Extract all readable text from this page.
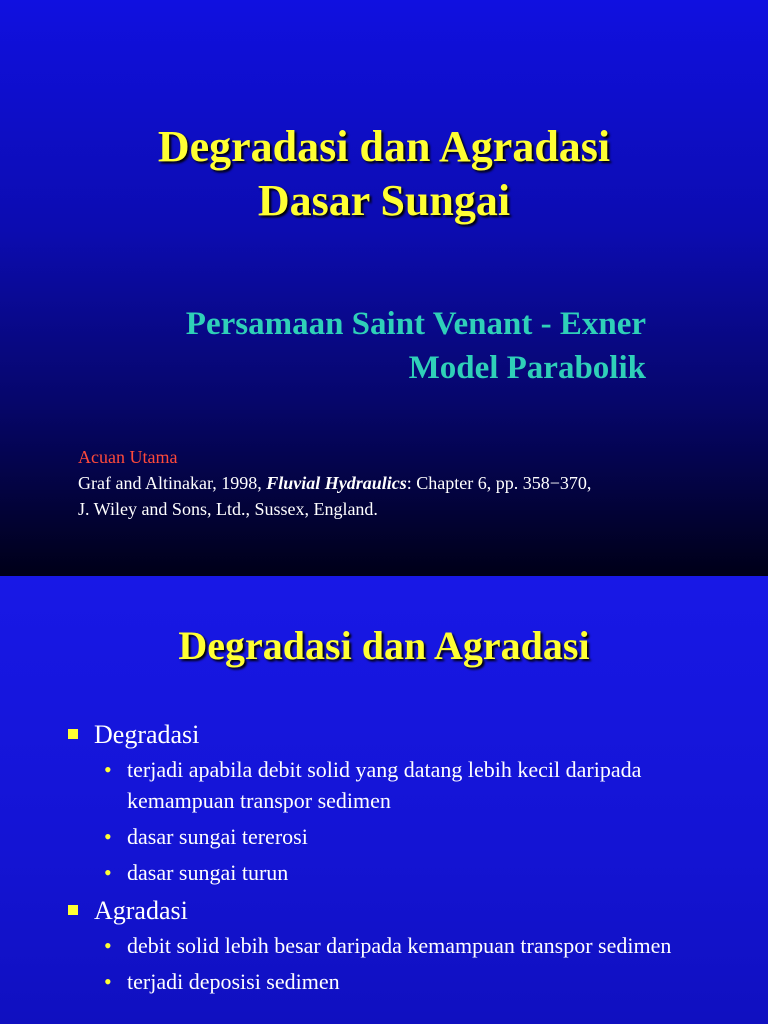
Degradasi dan Agradasi
Dasar Sungai
Persamaan Saint Venant - Exner
Model Parabolik
Acuan Utama
Graf and Altinakar, 1998, Fluvial Hydraulics: Chapter 6, pp. 358−370,
J. Wiley and Sons, Ltd., Sussex, England.
Degradasi dan Agradasi
Degradasi
• terjadi apabila debit solid yang datang lebih kecil daripada kemampuan transpor sedimen
• dasar sungai tererosi
• dasar sungai turun
Agradasi
• debit solid lebih besar daripada kemampuan transpor sedimen
• terjadi deposisi sedimen
